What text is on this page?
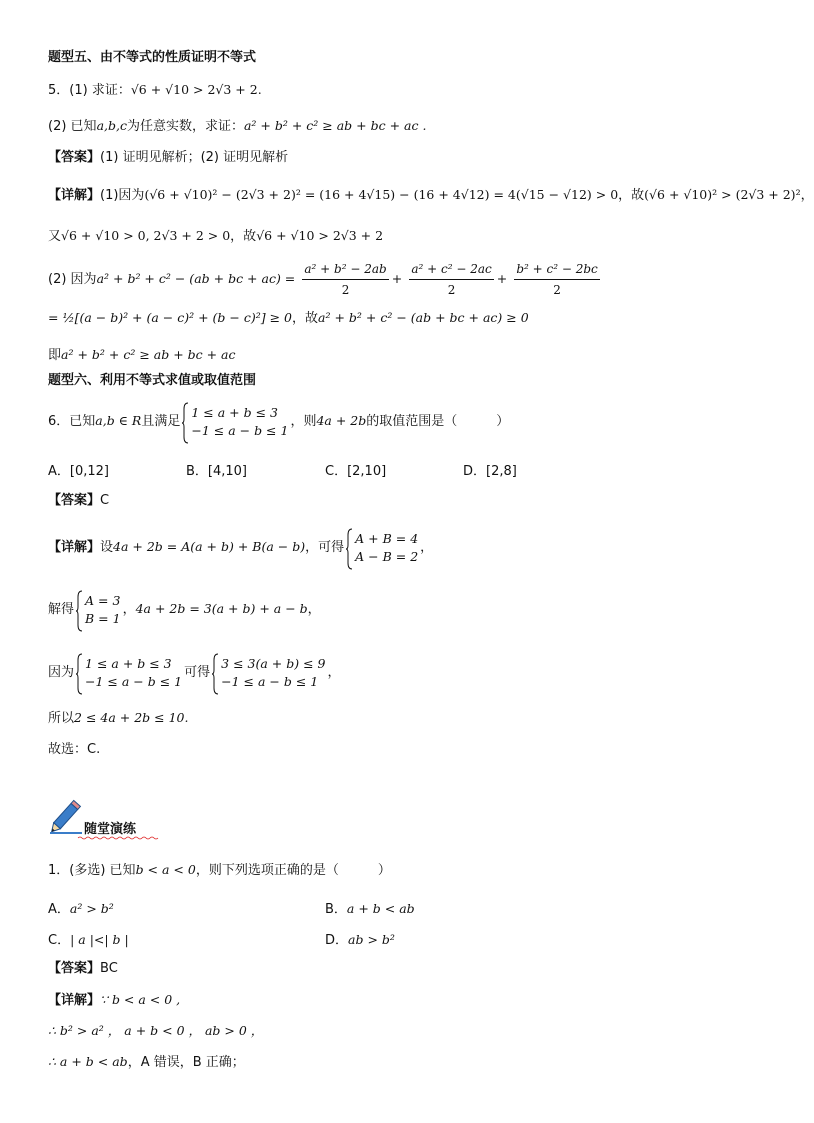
题型五、由不等式的性质证明不等式
5．(1) 求证：√6 + √10 > 2√3 + 2.
(2) 已知a,b,c为任意实数，求证：a² + b² + c² ≥ ab + bc + ac .
【答案】(1) 证明见解析；(2) 证明见解析
【详解】(1)因为(√6 + √10)² − (2√3 + 2)² = (16 + 4√15) − (16 + 4√12) = 4(√15 − √12) > 0，故(√6 + √10)² > (2√3 + 2)²，
又√6 + √10 > 0, 2√3 + 2 > 0，故√6 + √10 > 2√3 + 2
(2) 因为a² + b² + c² − (ab + bc + $ac) = \frac{\text{a² + b² − 2ab}}{2} + \frac{\text{a² + c² − 2ac}}{2} + \frac{\text{b² + c² − 2bc}}{2}$
= ½[(a − b)² + (a − c)² + (b − c)²] ≥ 0，故a² + b² + c² − (ab + bc + ac) ≥ 0
即a² + b² + c² ≥ ab + bc + ac
题型六、利用不等式求值或取值范围
6．已知a,b ∈ R且满足
1 ≤ a + b ≤ 3
−1 ≤ a − b ≤ 1
，则4a + 2b的取值范围是（　　　）
A．[0,12]	B．[4,10]	C．[2,10]	D．[2,8]
【答案】C
【详解】设4a + 2b = A(a + b) + B(a − b)，可得
A + B = 4
A − B = 2
，
解得
A = 3
B = 1
，4a + 2b = 3(a + b) + a − b，
因为
1 ≤ a + b ≤ 3
−1 ≤ a − b ≤ 1
可得
3 ≤ 3(a + b) ≤ 9
−1 ≤ a − b ≤ 1
，
所以2 ≤ 4a + 2b ≤ 10.
故选：C.
随堂演练
1．(多选) 已知b < a < 0，则下列选项正确的是（　　　）
A．a² > b²	B．a + b < ab
C．| a |<| b |	D．ab > b²
【答案】BC
【详解】∵ b < a < 0 ,
∴ b² > a² ， a + b < 0 ， ab > 0 ，
∴ a + b < ab，A 错误，B 正确；
